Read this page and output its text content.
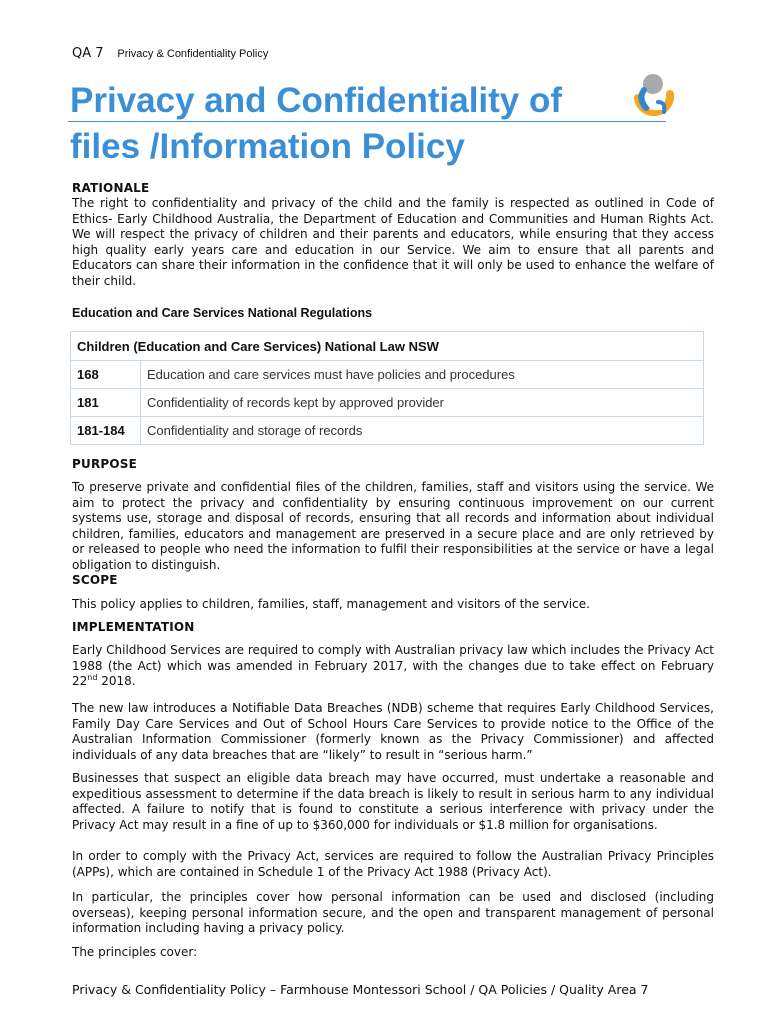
QA 7 Privacy & Confidentiality Policy
Privacy and Confidentiality of
files /Information Policy

RATIONALE

The right to confidentiality and privacy of the child and the family is respected as outlined in Code of Ethics- Early Childhood Australia, the Department of Education and Communities and Human Rights Act. We will respect the privacy of children and their parents and educators, while ensuring that they access high quality early years care and education in our Service. We aim to ensure that all parents and Educators can share their information in the confidence that it will only be used to enhance the welfare of their child.

Education and Care Services National Regulations

Children (Education and Care Services) National Law NSW	
168	Education and care services must have policies and procedures
181	Confidentiality of records kept by approved provider
181-184	Confidentiality and storage of records

PURPOSE

To preserve private and confidential files of the children, families, staff and visitors using the service. We aim to protect the privacy and confidentiality by ensuring continuous improvement on our current systems use, storage and disposal of records, ensuring that all records and information about individual children, families, educators and management are preserved in a secure place and are only retrieved by or released to people who need the information to fulfil their responsibilities at the service or have a legal obligation to distinguish.

SCOPE

This policy applies to children, families, staff, management and visitors of the service.

IMPLEMENTATION

Early Childhood Services are required to comply with Australian privacy law which includes the Privacy Act 1988 (the Act) which was amended in February 2017, with the changes due to take effect on February 22nd 2018.

The new law introduces a Notifiable Data Breaches (NDB) scheme that requires Early Childhood Services, Family Day Care Services and Out of School Hours Care Services to provide notice to the Office of the Australian Information Commissioner (formerly known as the Privacy Commissioner) and affected individuals of any data breaches that are “likely” to result in “serious harm.”

Businesses that suspect an eligible data breach may have occurred, must undertake a reasonable and expeditious assessment to determine if the data breach is likely to result in serious harm to any individual affected. A failure to notify that is found to constitute a serious interference with privacy under the Privacy Act may result in a fine of up to $360,000 for individuals or $1.8 million for organisations.

In order to comply with the Privacy Act, services are required to follow the Australian Privacy Principles (APPs), which are contained in Schedule 1 of the Privacy Act 1988 (Privacy Act).

In particular, the principles cover how personal information can be used and disclosed (including overseas), keeping personal information secure, and the open and transparent management of personal information including having a privacy policy.

The principles cover:

Privacy & Confidentiality Policy – Farmhouse Montessori School / QA Policies / Quality Area 7
